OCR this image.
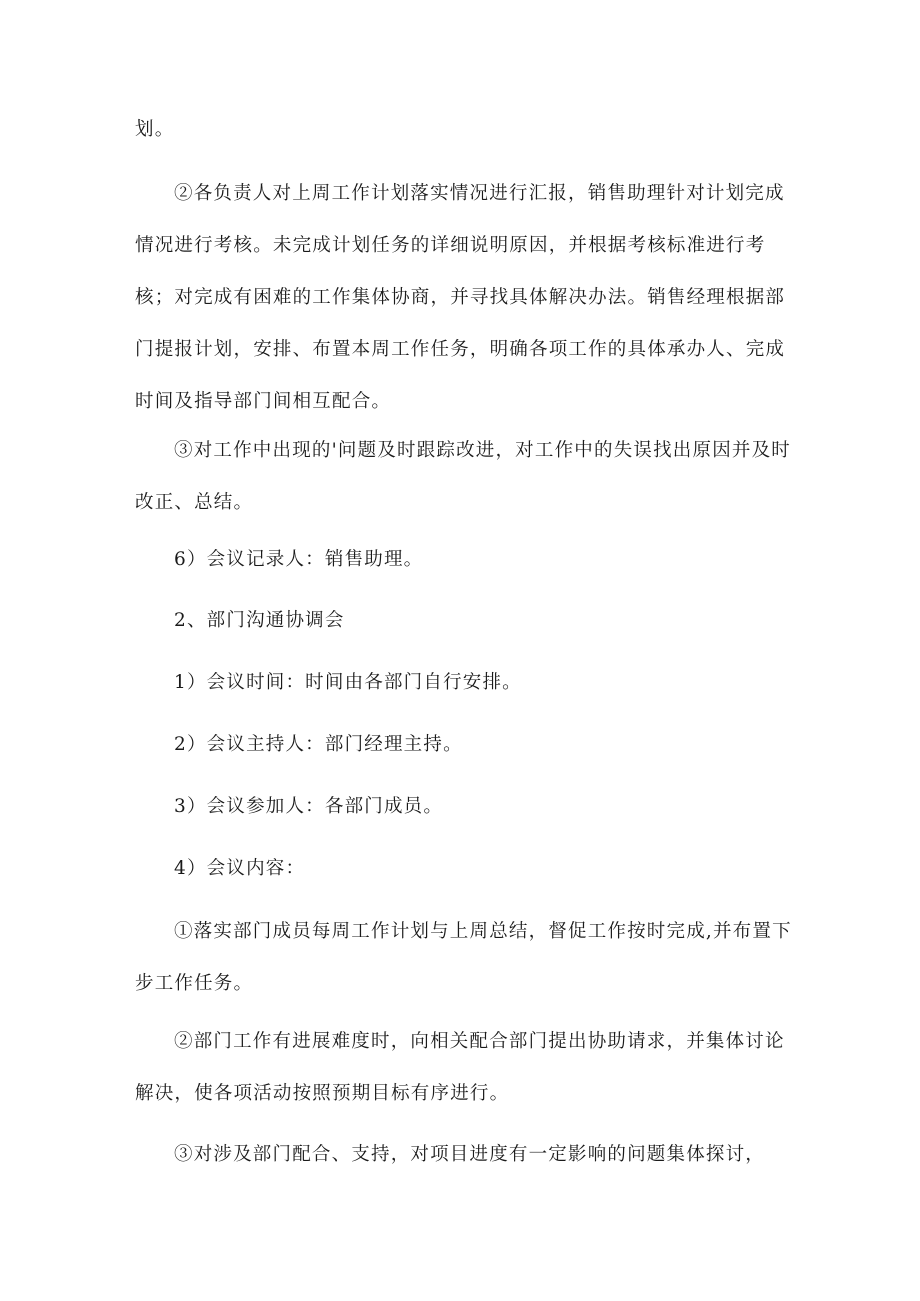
划。

②各负责人对上周工作计划落实情况进行汇报，销售助理针对计划完成情况进行考核。未完成计划任务的详细说明原因，并根据考核标准进行考核；对完成有困难的工作集体协商，并寻找具体解决办法。销售经理根据部门提报计划，安排、布置本周工作任务，明确各项工作的具体承办人、完成时间及指导部门间相互配合。

③对工作中出现的'问题及时跟踪改进，对工作中的失误找出原因并及时改正、总结。

6）会议记录人：销售助理。

2、部门沟通协调会

1）会议时间：时间由各部门自行安排。

2）会议主持人：部门经理主持。

3）会议参加人：各部门成员。

4）会议内容：

①落实部门成员每周工作计划与上周总结，督促工作按时完成,并布置下步工作任务。

②部门工作有进展难度时，向相关配合部门提出协助请求，并集体讨论解决，使各项活动按照预期目标有序进行。

③对涉及部门配合、支持，对项目进度有一定影响的问题集体探讨，
